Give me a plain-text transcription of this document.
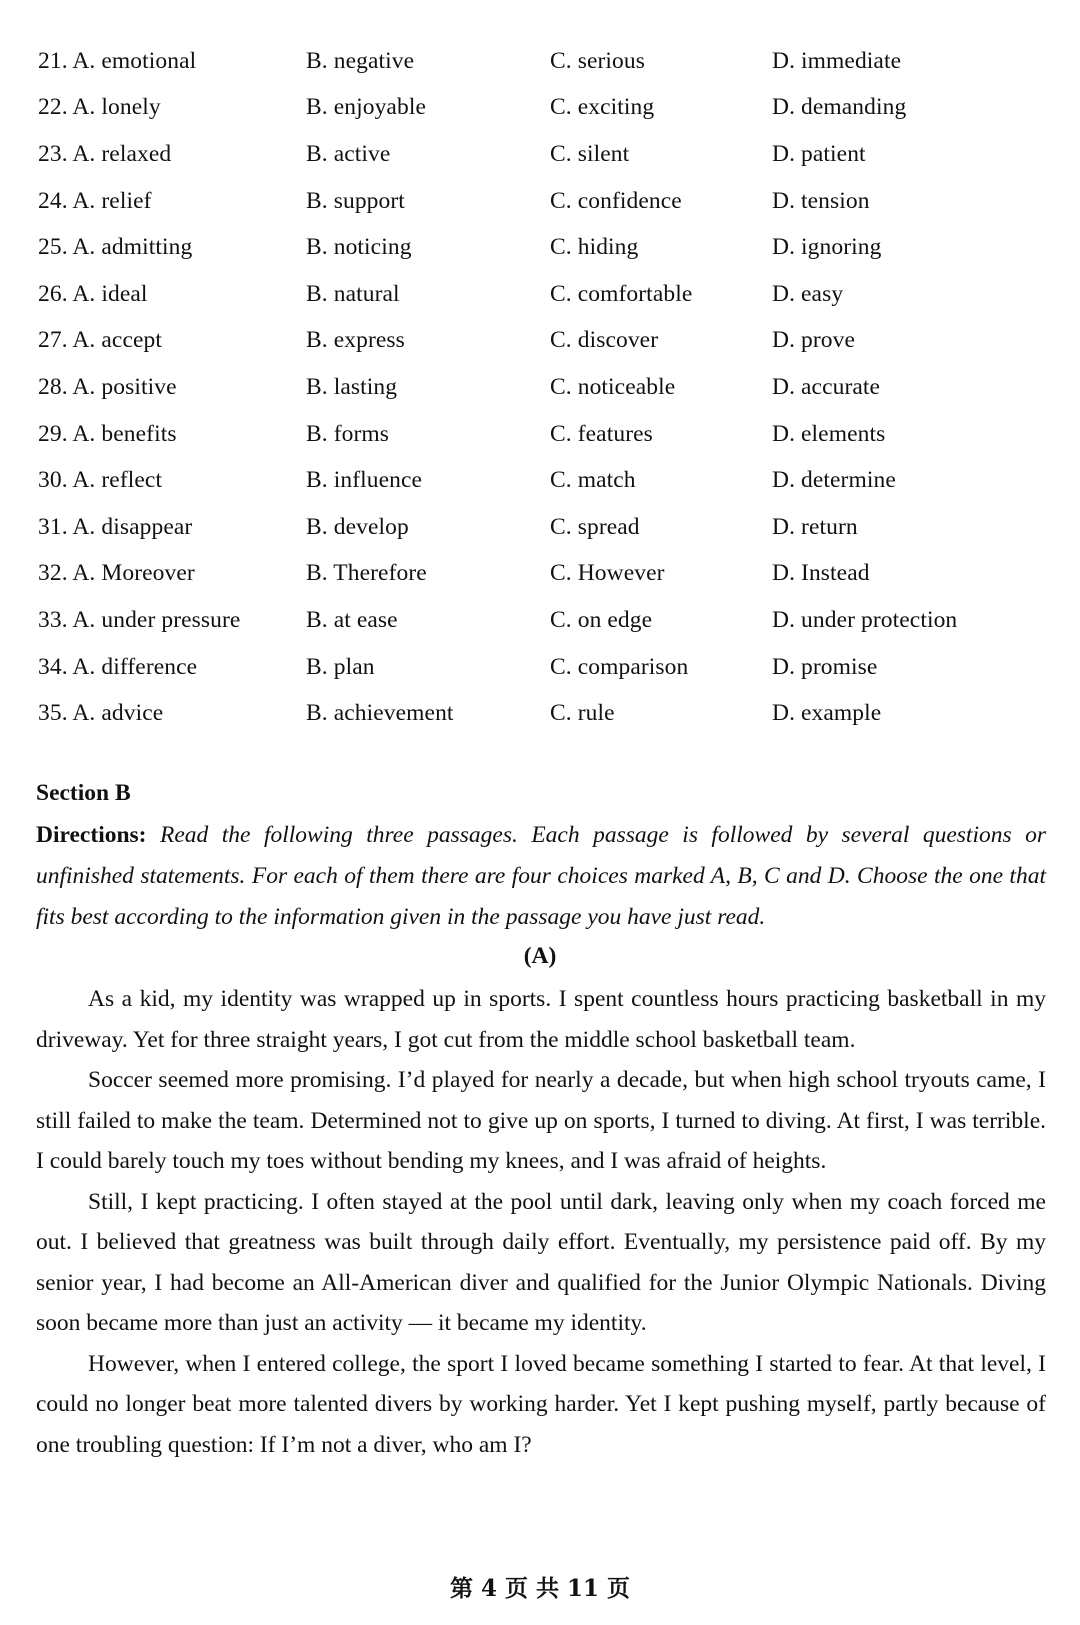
21. A. emotional	B. negative	C. serious	D. immediate
22. A. lonely	B. enjoyable	C. exciting	D. demanding
23. A. relaxed	B. active	C. silent	D. patient
24. A. relief	B. support	C. confidence	D. tension
25. A. admitting	B. noticing	C. hiding	D. ignoring
26. A. ideal	B. natural	C. comfortable	D. easy
27. A. accept	B. express	C. discover	D. prove
28. A. positive	B. lasting	C. noticeable	D. accurate
29. A. benefits	B. forms	C. features	D. elements
30. A. reflect	B. influence	C. match	D. determine
31. A. disappear	B. develop	C. spread	D. return
32. A. Moreover	B. Therefore	C. However	D. Instead
33. A. under pressure	B. at ease	C. on edge	D. under protection
34. A. difference	B. plan	C. comparison	D. promise
35. A. advice	B. achievement	C. rule	D. example
Section B
Directions: Read the following three passages. Each passage is followed by several questions or unfinished statements. For each of them there are four choices marked A, B, C and D. Choose the one that fits best according to the information given in the passage you have just read.
(A)

As a kid, my identity was wrapped up in sports. I spent countless hours practicing basketball in my driveway. Yet for three straight years, I got cut from the middle school basketball team.

Soccer seemed more promising. I’d played for nearly a decade, but when high school tryouts came, I still failed to make the team. Determined not to give up on sports, I turned to diving. At first, I was terrible. I could barely touch my toes without bending my knees, and I was afraid of heights.

Still, I kept practicing. I often stayed at the pool until dark, leaving only when my coach forced me out. I believed that greatness was built through daily effort. Eventually, my persistence paid off. By my senior year, I had become an All-American diver and qualified for the Junior Olympic Nationals. Diving soon became more than just an activity — it became my identity.

However, when I entered college, the sport I loved became something I started to fear. At that level, I could no longer beat more talented divers by working harder. Yet I kept pushing myself, partly because of one troubling question: If I’m not a diver, who am I?

第 4 页 共 11 页
